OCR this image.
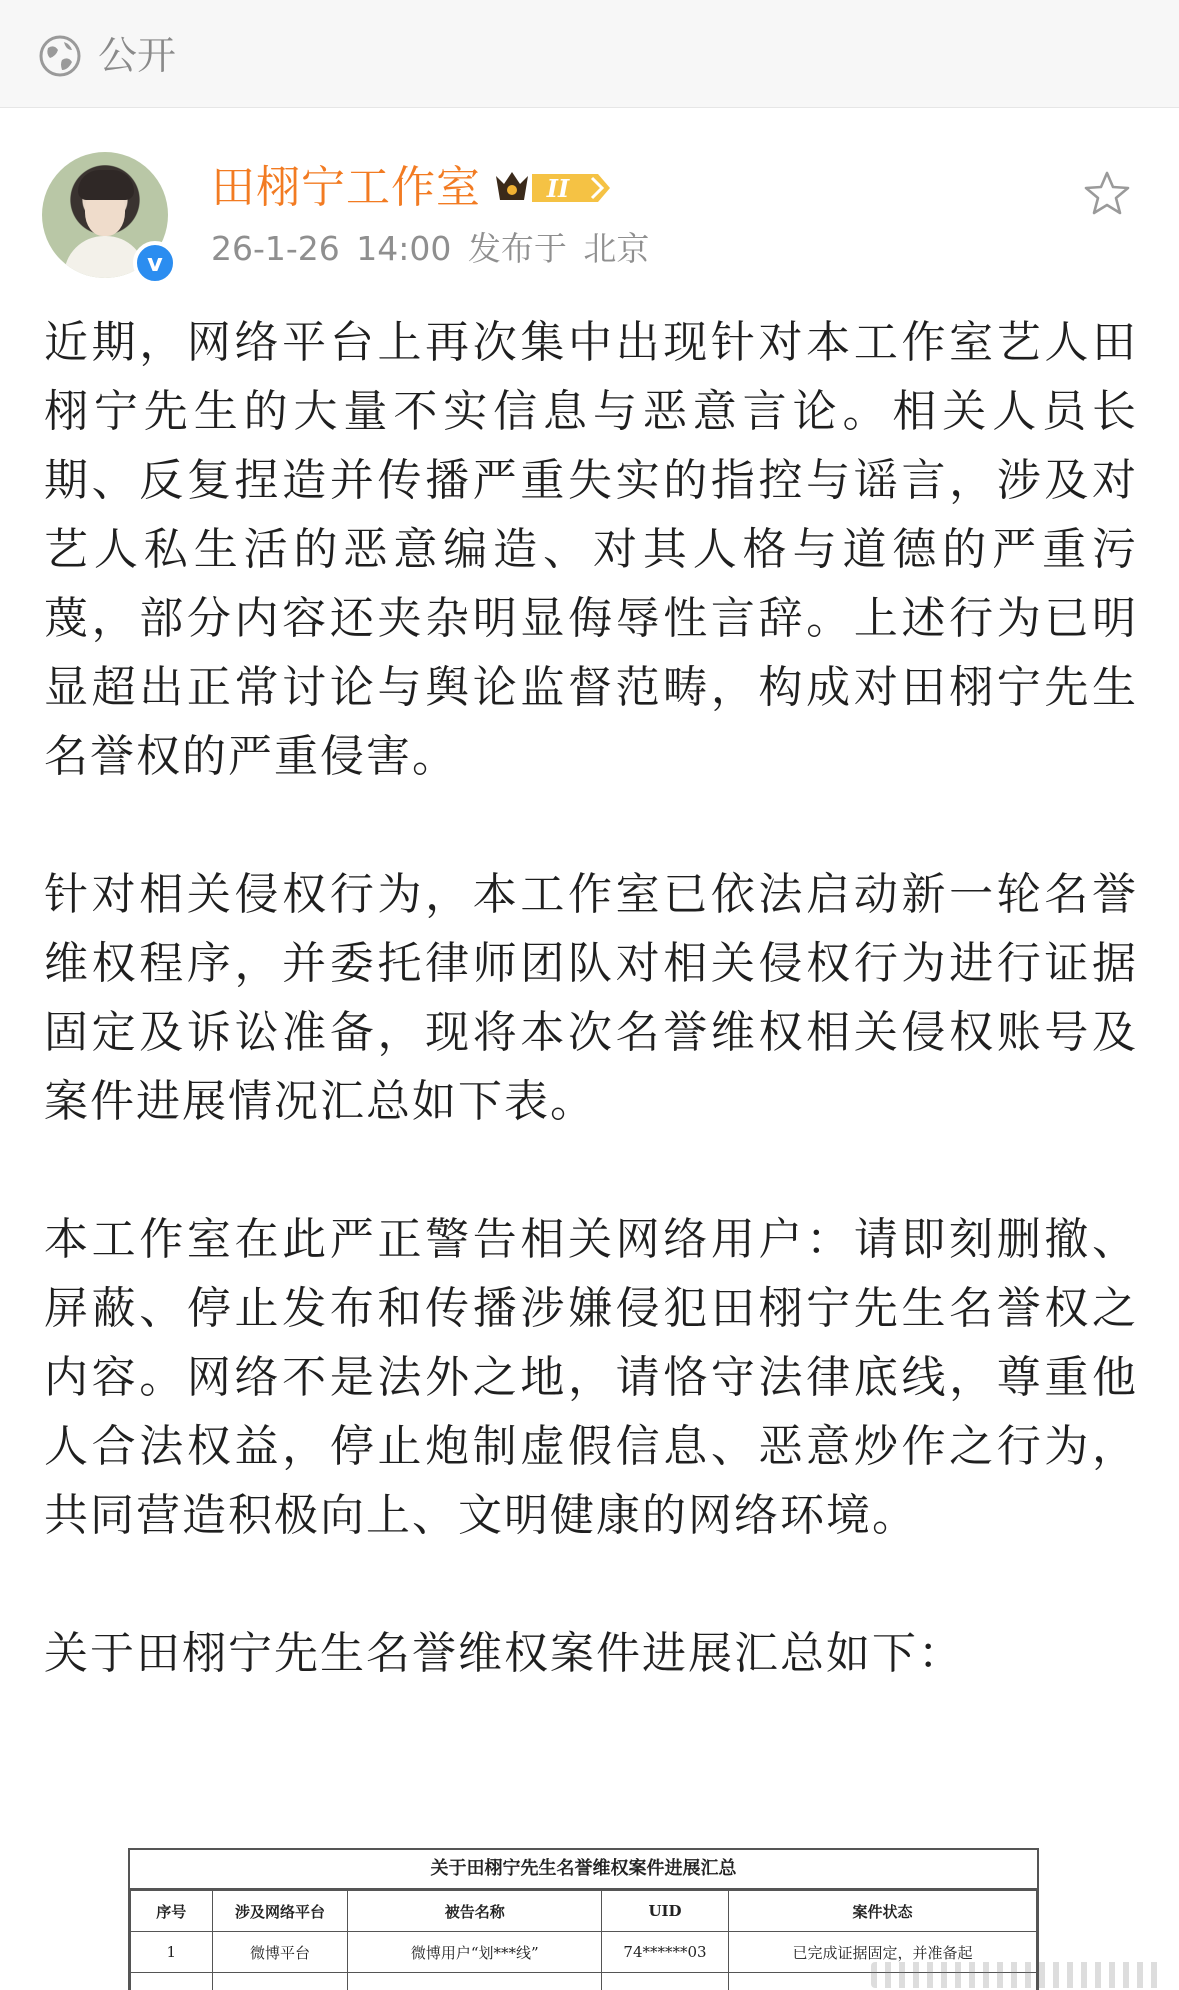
公开
v
田栩宁工作室	II
26-1-26 14:00 发布于 北京

近期，网络平台上再次集中出现针对本工作室艺人田栩宁先生的大量不实信息与恶意言论。相关人员长期、反复捏造并传播严重失实的指控与谣言，涉及对艺人私生活的恶意编造、对其人格与道德的严重污蔑，部分内容还夹杂明显侮辱性言辞。上述行为已明显超出正常讨论与舆论监督范畴，构成对田栩宁先生名誉权的严重侵害。

针对相关侵权行为，本工作室已依法启动新一轮名誉维权程序，并委托律师团队对相关侵权行为进行证据固定及诉讼准备，现将本次名誉维权相关侵权账号及案件进展情况汇总如下表。

本工作室在此严正警告相关网络用户：请即刻删撤、屏蔽、停止发布和传播涉嫌侵犯田栩宁先生名誉权之内容。网络不是法外之地，请恪守法律底线，尊重他人合法权益，停止炮制虚假信息、恶意炒作之行为，共同营造积极向上、文明健康的网络环境。

关于田栩宁先生名誉维权案件进展汇总如下：

关于田栩宁先生名誉维权案件进展汇总
序号	涉及网络平台	被告名称	UID	案件状态
1	微博平台	微博用户“划***线”	74******03	已完成证据固定，并准备起
